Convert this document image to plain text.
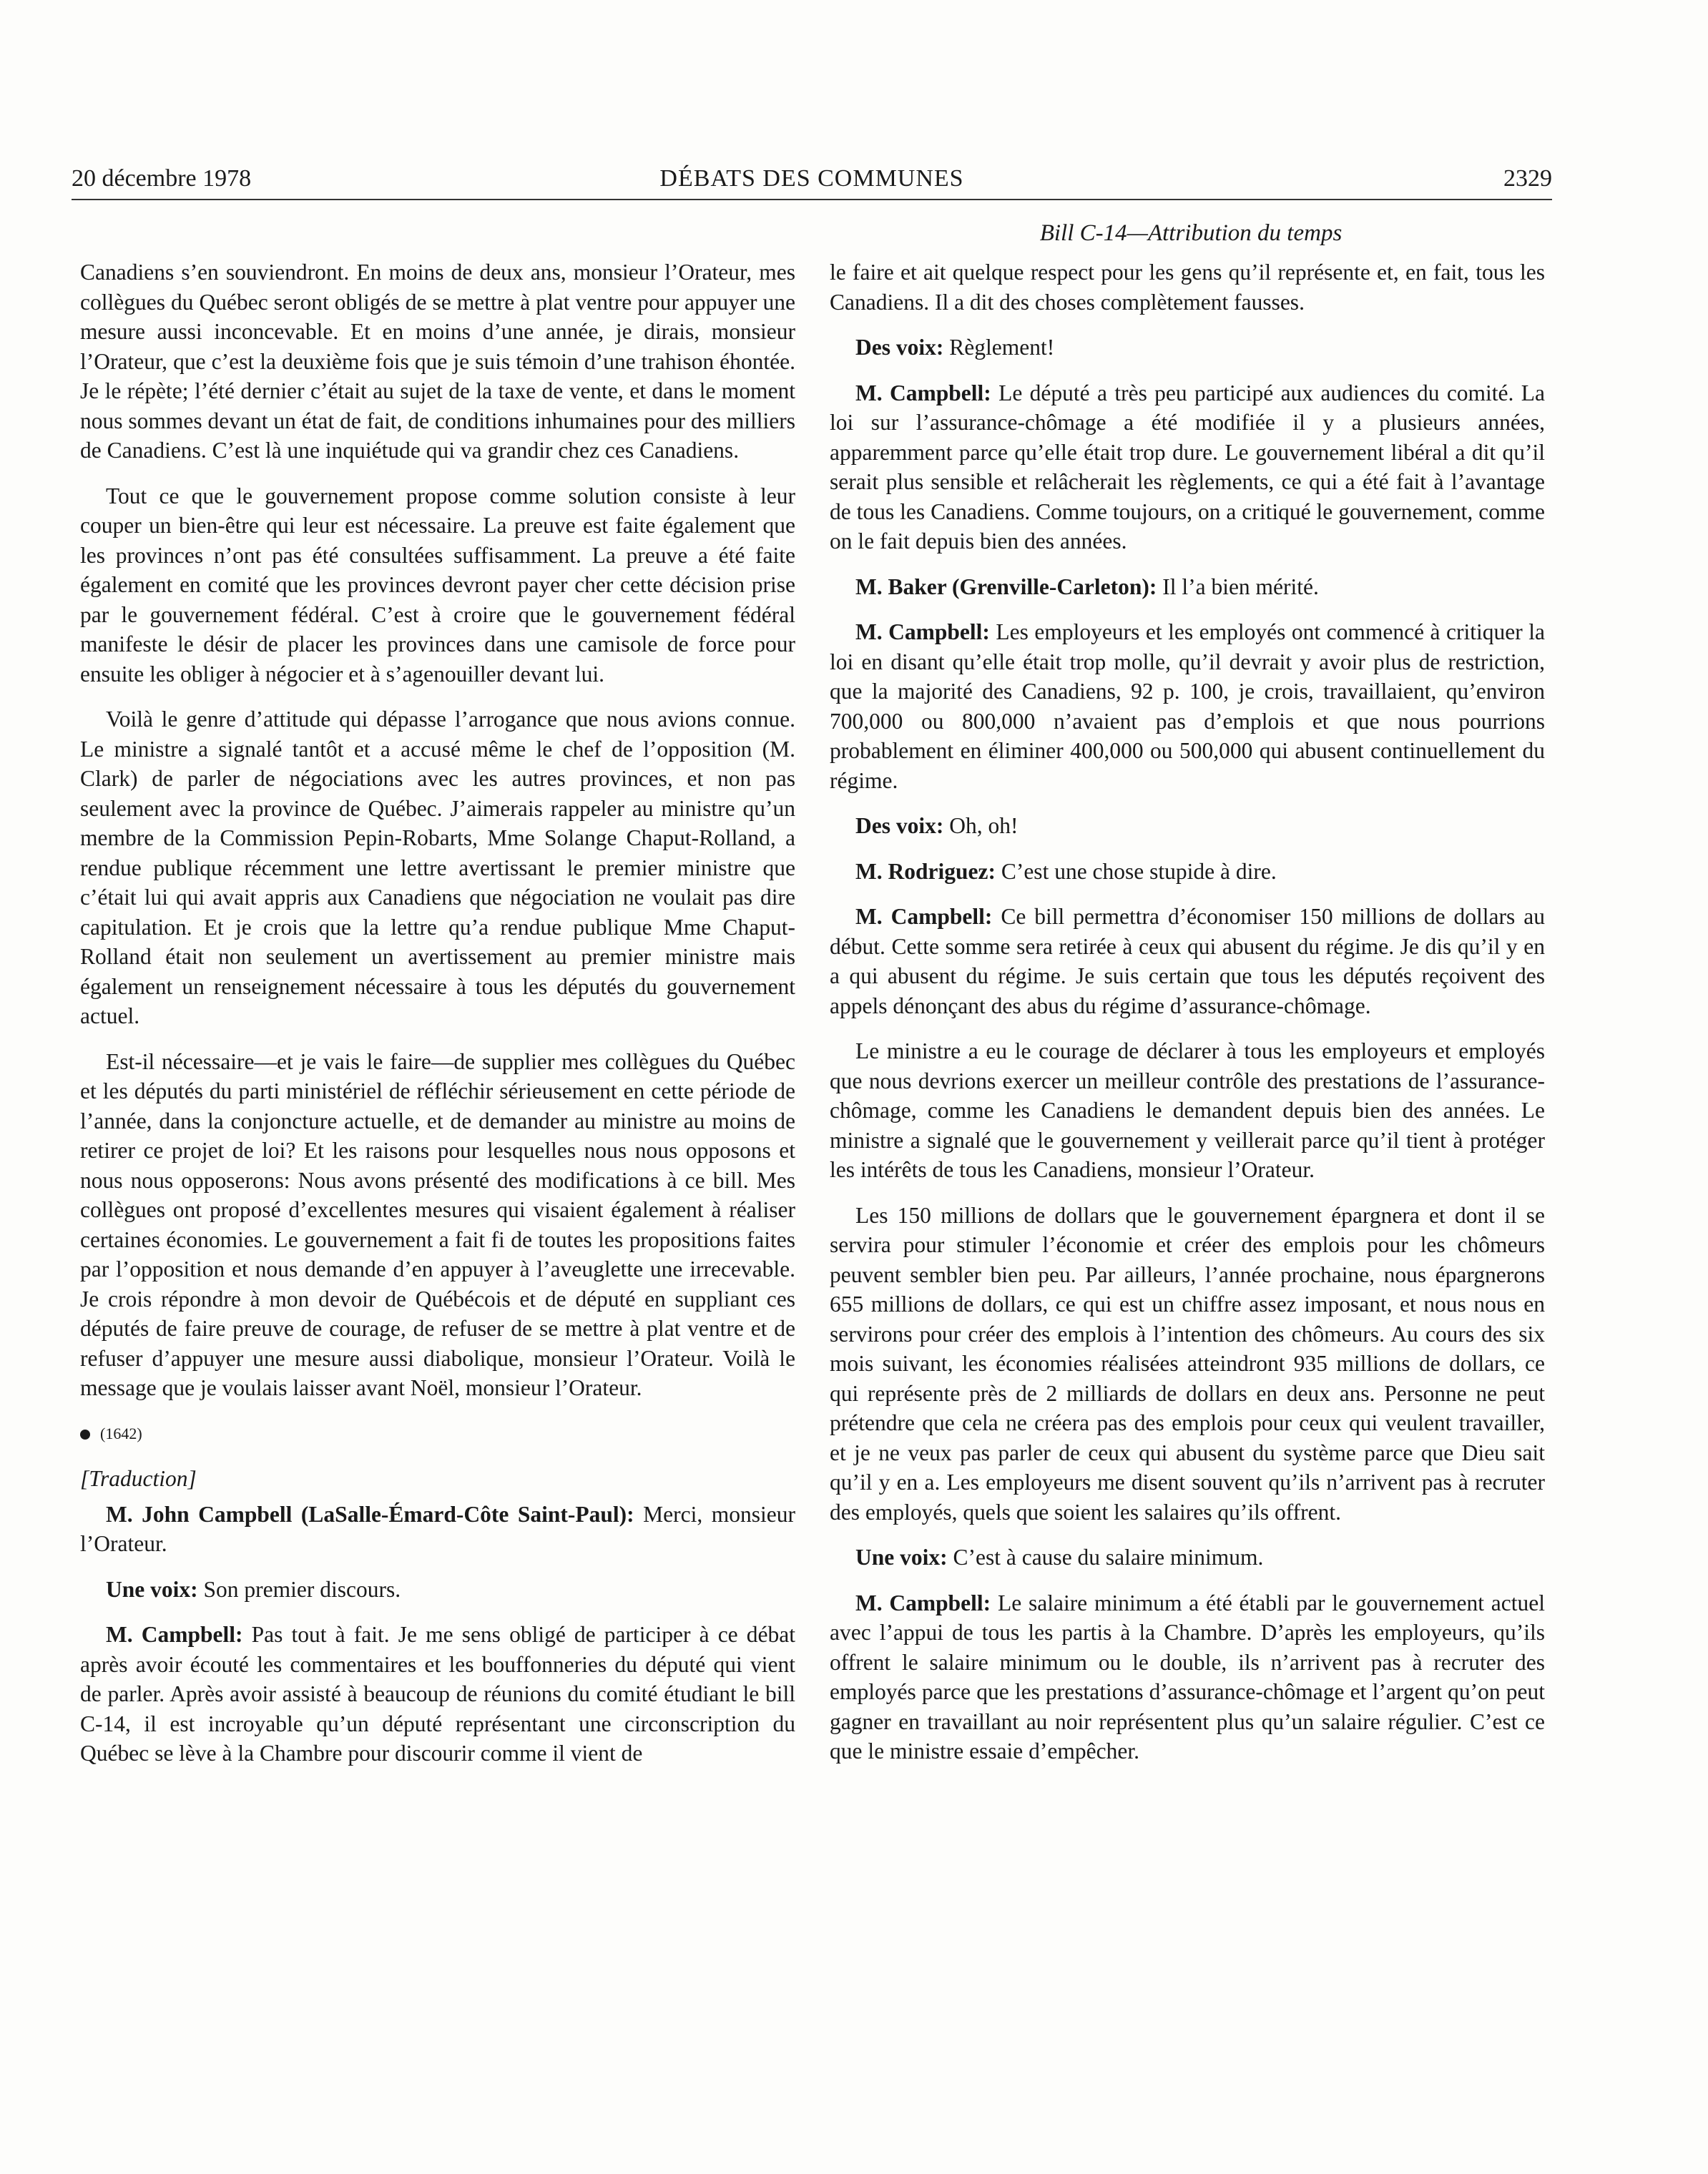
20 décembre 1978	DÉBATS DES COMMUNES	2329
Bill C-14—Attribution du temps

Canadiens s’en souviendront. En moins de deux ans, monsieur l’Orateur, mes collègues du Québec seront obligés de se mettre à plat ventre pour appuyer une mesure aussi inconcevable. Et en moins d’une année, je dirais, monsieur l’Orateur, que c’est la deuxième fois que je suis témoin d’une trahison éhontée. Je le répète; l’été dernier c’était au sujet de la taxe de vente, et dans le moment nous sommes devant un état de fait, de conditions inhumaines pour des milliers de Canadiens. C’est là une inquiétude qui va grandir chez ces Canadiens.

Tout ce que le gouvernement propose comme solution consiste à leur couper un bien-être qui leur est nécessaire. La preuve est faite également que les provinces n’ont pas été consultées suffisamment. La preuve a été faite également en comité que les provinces devront payer cher cette décision prise par le gouvernement fédéral. C’est à croire que le gouvernement fédéral manifeste le désir de placer les provinces dans une camisole de force pour ensuite les obliger à négocier et à s’agenouiller devant lui.

Voilà le genre d’attitude qui dépasse l’arrogance que nous avions connue. Le ministre a signalé tantôt et a accusé même le chef de l’opposition (M. Clark) de parler de négociations avec les autres provinces, et non pas seulement avec la province de Québec. J’aimerais rappeler au ministre qu’un membre de la Commission Pepin-Robarts, Mme Solange Chaput-Rolland, a rendue publique récemment une lettre avertissant le premier ministre que c’était lui qui avait appris aux Canadiens que négociation ne voulait pas dire capitulation. Et je crois que la lettre qu’a rendue publique Mme Chaput-Rolland était non seulement un avertissement au premier ministre mais également un renseignement nécessaire à tous les députés du gouvernement actuel.

Est-il nécessaire—et je vais le faire—de supplier mes collègues du Québec et les députés du parti ministériel de réfléchir sérieusement en cette période de l’année, dans la conjoncture actuelle, et de demander au ministre au moins de retirer ce projet de loi? Et les raisons pour lesquelles nous nous opposons et nous nous opposerons: Nous avons présenté des modifications à ce bill. Mes collègues ont proposé d’excellentes mesures qui visaient également à réaliser certaines économies. Le gouvernement a fait fi de toutes les propositions faites par l’opposition et nous demande d’en appuyer à l’aveuglette une irrecevable. Je crois répondre à mon devoir de Québécois et de député en suppliant ces députés de faire preuve de courage, de refuser de se mettre à plat ventre et de refuser d’appuyer une mesure aussi diabolique, monsieur l’Orateur. Voilà le message que je voulais laisser avant Noël, monsieur l’Orateur.

(1642)
[Traduction]

M. John Campbell (LaSalle-Émard-Côte Saint-Paul): Merci, monsieur l’Orateur.

Une voix: Son premier discours.

M. Campbell: Pas tout à fait. Je me sens obligé de participer à ce débat après avoir écouté les commentaires et les bouffonneries du député qui vient de parler. Après avoir assisté à beaucoup de réunions du comité étudiant le bill C-14, il est incroyable qu’un député représentant une circonscription du Québec se lève à la Chambre pour discourir comme il vient de

le faire et ait quelque respect pour les gens qu’il représente et, en fait, tous les Canadiens. Il a dit des choses complètement fausses.

Des voix: Règlement!

M. Campbell: Le député a très peu participé aux audiences du comité. La loi sur l’assurance-chômage a été modifiée il y a plusieurs années, apparemment parce qu’elle était trop dure. Le gouvernement libéral a dit qu’il serait plus sensible et relâcherait les règlements, ce qui a été fait à l’avantage de tous les Canadiens. Comme toujours, on a critiqué le gouvernement, comme on le fait depuis bien des années.

M. Baker (Grenville-Carleton): Il l’a bien mérité.

M. Campbell: Les employeurs et les employés ont commencé à critiquer la loi en disant qu’elle était trop molle, qu’il devrait y avoir plus de restriction, que la majorité des Canadiens, 92 p. 100, je crois, travaillaient, qu’environ 700,000 ou 800,000 n’avaient pas d’emplois et que nous pourrions probablement en éliminer 400,000 ou 500,000 qui abusent continuellement du régime.

Des voix: Oh, oh!

M. Rodriguez: C’est une chose stupide à dire.

M. Campbell: Ce bill permettra d’économiser 150 millions de dollars au début. Cette somme sera retirée à ceux qui abusent du régime. Je dis qu’il y en a qui abusent du régime. Je suis certain que tous les députés reçoivent des appels dénonçant des abus du régime d’assurance-chômage.

Le ministre a eu le courage de déclarer à tous les employeurs et employés que nous devrions exercer un meilleur contrôle des prestations de l’assurance-chômage, comme les Canadiens le demandent depuis bien des années. Le ministre a signalé que le gouvernement y veillerait parce qu’il tient à protéger les intérêts de tous les Canadiens, monsieur l’Orateur.

Les 150 millions de dollars que le gouvernement épargnera et dont il se servira pour stimuler l’économie et créer des emplois pour les chômeurs peuvent sembler bien peu. Par ailleurs, l’année prochaine, nous épargnerons 655 millions de dollars, ce qui est un chiffre assez imposant, et nous nous en servirons pour créer des emplois à l’intention des chômeurs. Au cours des six mois suivant, les économies réalisées atteindront 935 millions de dollars, ce qui représente près de 2 milliards de dollars en deux ans. Personne ne peut prétendre que cela ne créera pas des emplois pour ceux qui veulent travailler, et je ne veux pas parler de ceux qui abusent du système parce que Dieu sait qu’il y en a. Les employeurs me disent souvent qu’ils n’arrivent pas à recruter des employés, quels que soient les salaires qu’ils offrent.

Une voix: C’est à cause du salaire minimum.

M. Campbell: Le salaire minimum a été établi par le gouvernement actuel avec l’appui de tous les partis à la Chambre. D’après les employeurs, qu’ils offrent le salaire minimum ou le double, ils n’arrivent pas à recruter des employés parce que les prestations d’assurance-chômage et l’argent qu’on peut gagner en travaillant au noir représentent plus qu’un salaire régulier. C’est ce que le ministre essaie d’empêcher.
